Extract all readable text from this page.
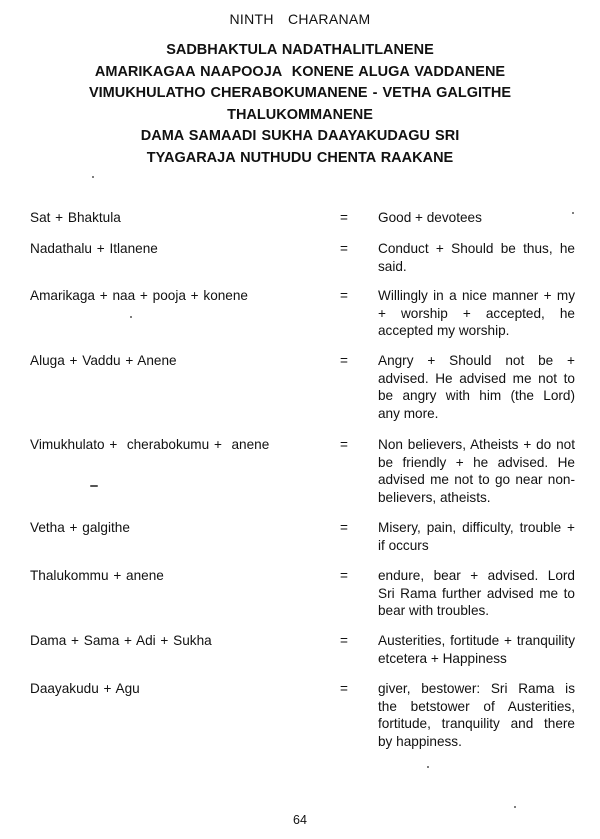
NINTH CHARANAM
SADBHAKTULA NADATHALITLANENE
AMARIKAGAA NAAPOOJA  KONENE ALUGA VADDANENE
VIMUKHULATHO CHERABOKUMANENE - VETHA GALGITHE
THALUKOMMANENE
DAMA SAMAADI SUKHA DAAYAKUDAGU SRI
TYAGARAJA NUTHUDU CHENTA RAAKANE
Sat + Bhaktula	= Good + devotees
Nadathalu + Itlanene	= Conduct + Should be thus, he
said.
Amarikaga + naa + pooja + konene	= Willingly in a nice manner + my
+ worship + accepted, he
accepted my worship.
Aluga + Vaddu + Anene	= Angry + Should not be +
advised. He advised me not to
be angry with him (the Lord)
any more.
Vimukhulato +  cherabokumu +  anene	= Non believers, Atheists + do not
be friendly + he advised. He
advised me not to go near non-
believers, atheists.
Vetha + galgithe	= Misery, pain, difficulty, trouble +
if occurs
Thalukommu + anene	= endure, bear + advised. Lord
Sri Rama further advised me to
bear with troubles.
Dama + Sama + Adi + Sukha	= Austerities, fortitude + tranquility
etcetera + Happiness
Daayakudu + Agu	= giver, bestower: Sri Rama is
the betstower of Austerities,
fortitude, tranquility and there
by happiness.
64
